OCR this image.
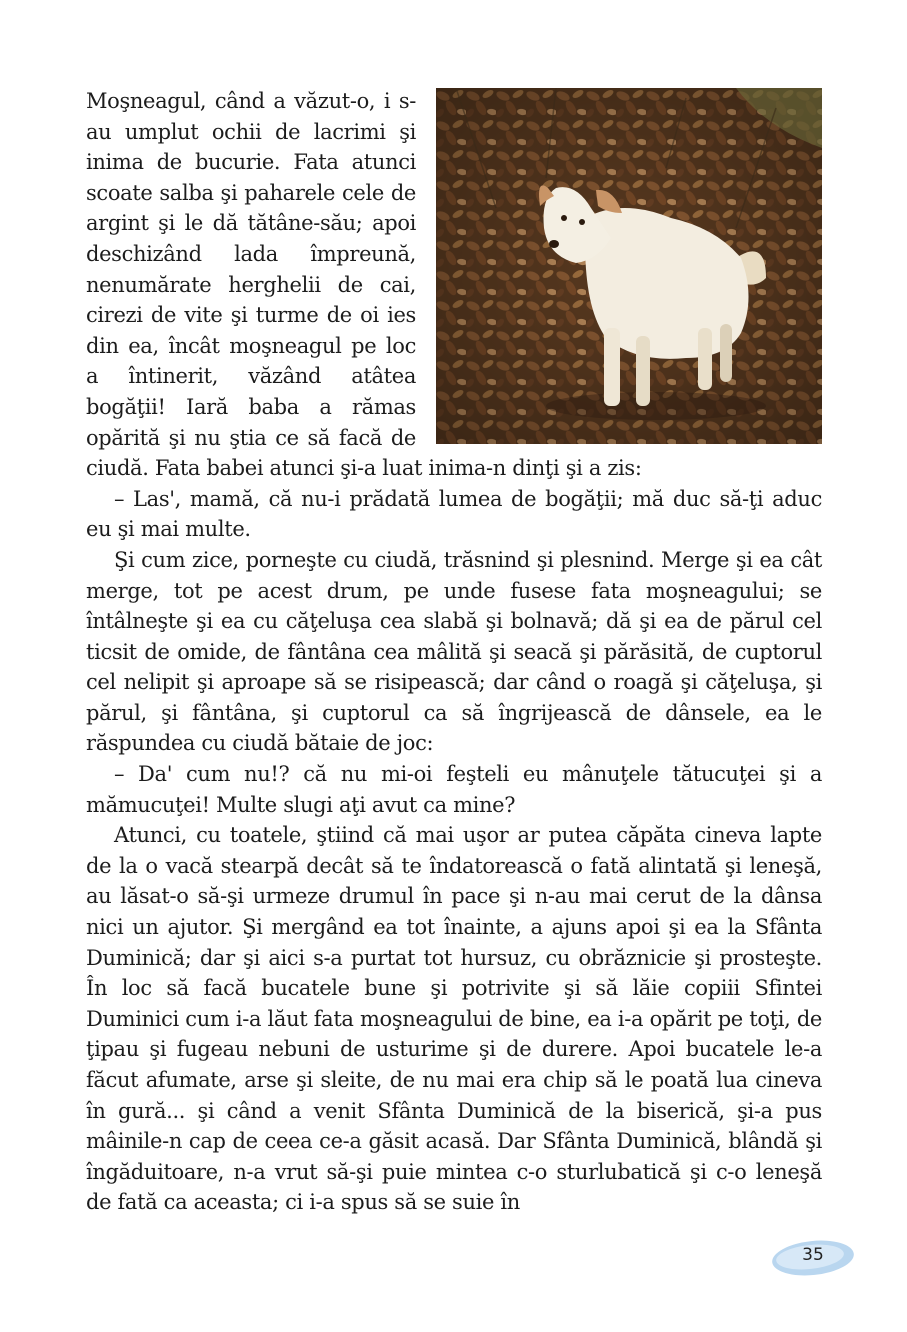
Moşneagul, când a văzut-o, i s-au umplut ochii de lacrimi şi inima de bucurie. Fata atunci scoate salba şi paharele cele de argint şi le dă tătâne-său; apoi deschizând lada împreună, nenumărate herghelii de cai, cirezi de vite şi turme de oi ies din ea, încât moşneagul pe loc a întinerit, văzând atâtea bogăţii! Iară baba a rămas opărită şi nu ştia ce să facă de ciudă. Fata babei atunci şi-a luat inima-n dinţi şi a zis:

– Las', mamă, că nu-i prădată lumea de bogăţii; mă duc să-ţi aduc eu şi mai multe.

Şi cum zice, porneşte cu ciudă, trăsnind şi plesnind. Merge şi ea cât merge, tot pe acest drum, pe unde fusese fata moşneagului; se întâlneşte şi ea cu căţeluşa cea slabă şi bolnavă; dă şi ea de părul cel ticsit de omide, de fântâna cea mâlită şi seacă şi părăsită, de cuptorul cel nelipit şi aproape să se risipească; dar când o roagă şi căţeluşa, şi părul, şi fântâna, şi cuptorul ca să îngrijească de dânsele, ea le răspundea cu ciudă bătaie de joc:

– Da' cum nu!? că nu mi-oi feşteli eu mânuţele tătucuţei şi a mămucuţei! Multe slugi aţi avut ca mine?

Atunci, cu toatele, ştiind că mai uşor ar putea căpăta cineva lapte de la o vacă stearpă decât să te îndatorească o fată alintată şi leneşă, au lăsat-o să-şi urmeze drumul în pace şi n-au mai cerut de la dânsa nici un ajutor. Şi mergând ea tot înainte, a ajuns apoi şi ea la Sfânta Duminică; dar şi aici s-a purtat tot hursuz, cu obrăznicie şi prosteşte. În loc să facă bucatele bune şi potrivite şi să lăie copiii Sfintei Duminici cum i-a lăut fata moşneagului de bine, ea i-a opărit pe toţi, de ţipau şi fugeau nebuni de usturime şi de durere. Apoi bucatele le-a făcut afumate, arse şi sleite, de nu mai era chip să le poată lua cineva în gură... şi când a venit Sfânta Duminică de la biserică, şi-a pus mâinile-n cap de ceea ce-a găsit acasă. Dar Sfânta Duminică, blândă şi îngăduitoare, n-a vrut să-şi puie mintea c-o sturlubatică şi c-o leneşă de fată ca aceasta; ci i-a spus să se suie în

35
